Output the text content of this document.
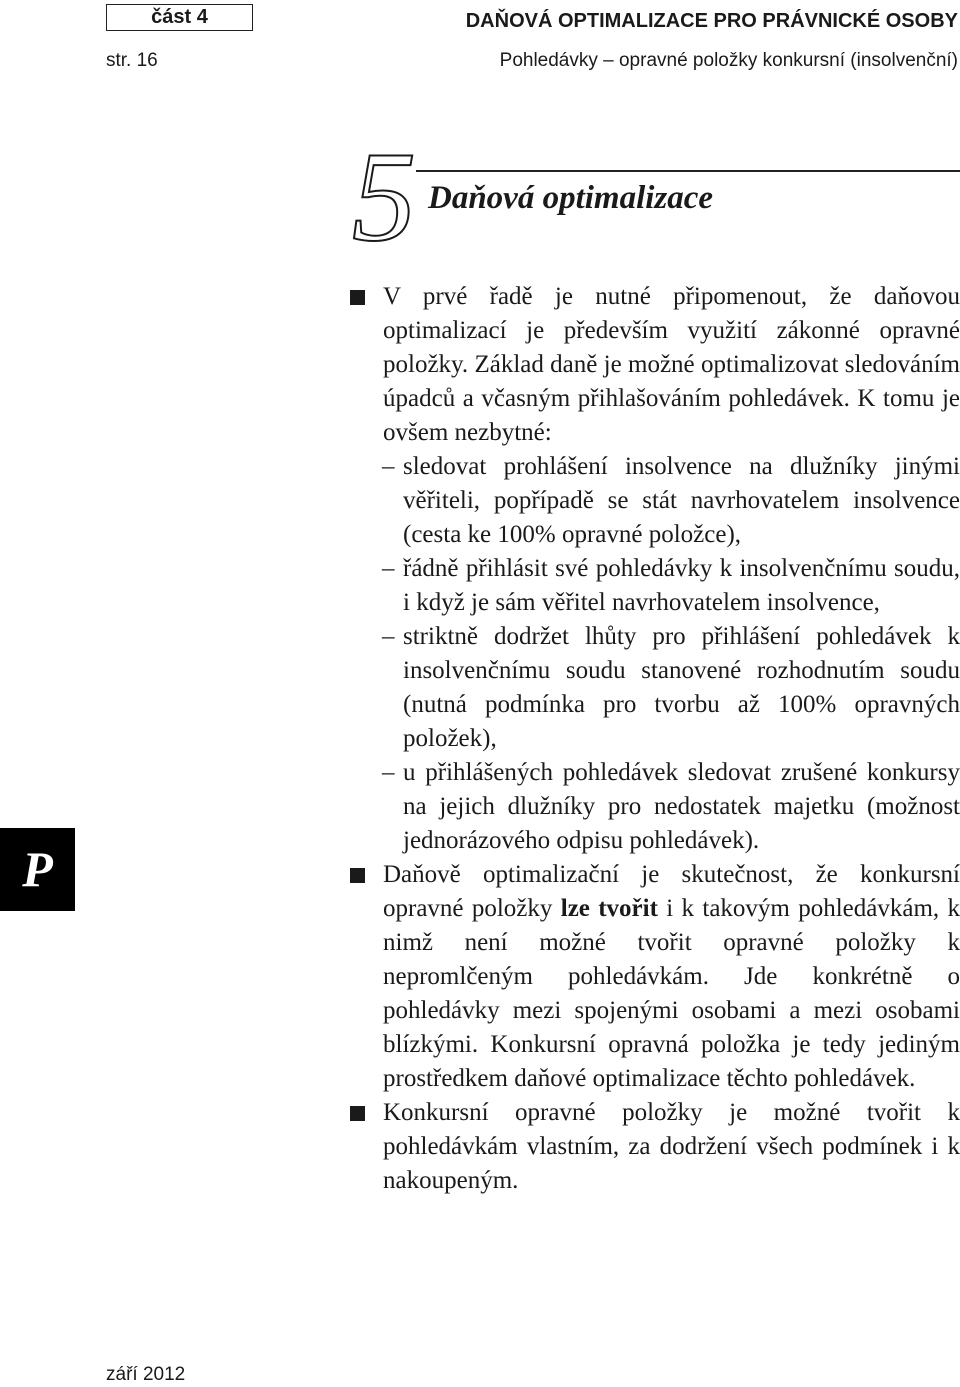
část 4
str. 16
DAŇOVÁ OPTIMALIZACE PRO PRÁVNICKÉ OSOBY
Pohledávky – opravné položky konkursní (insolvenční)
5 Daňová optimalizace
P
V prvé řadě je nutné připomenout, že daňovou optimalizací je především využití zákonné opravné položky. Základ daně je možné optimalizovat sledováním úpadců a včasným přihlašováním pohledávek. K tomu je ovšem nezbytné:
– sledovat prohlášení insolvence na dlužníky jinými věřiteli, popřípadě se stát navrhovatelem insolvence (cesta ke 100% opravné položce),
– řádně přihlásit své pohledávky k insolvenčnímu soudu, i když je sám věřitel navrhovatelem insolvence,
– striktně dodržet lhůty pro přihlášení pohledávek k insolvenčnímu soudu stanovené rozhodnutím soudu (nutná podmínka pro tvorbu až 100% opravných položek),
– u přihlášených pohledávek sledovat zrušené konkursy na jejich dlužníky pro nedostatek majetku (možnost jednorázového odpisu pohledávek).
Daňově optimalizační je skutečnost, že konkursní opravné položky lze tvořit i k takovým pohledávkám, k nimž není možné tvořit opravné položky k nepromlčeným pohledávkám. Jde konkrétně o pohledávky mezi spojenými osobami a mezi osobami blízkými. Konkursní opravná položka je tedy jediným prostředkem daňové optimalizace těchto pohledávek.
Konkursní opravné položky je možné tvořit k pohledávkám vlastním, za dodržení všech podmínek i k nakoupeným.
září 2012
